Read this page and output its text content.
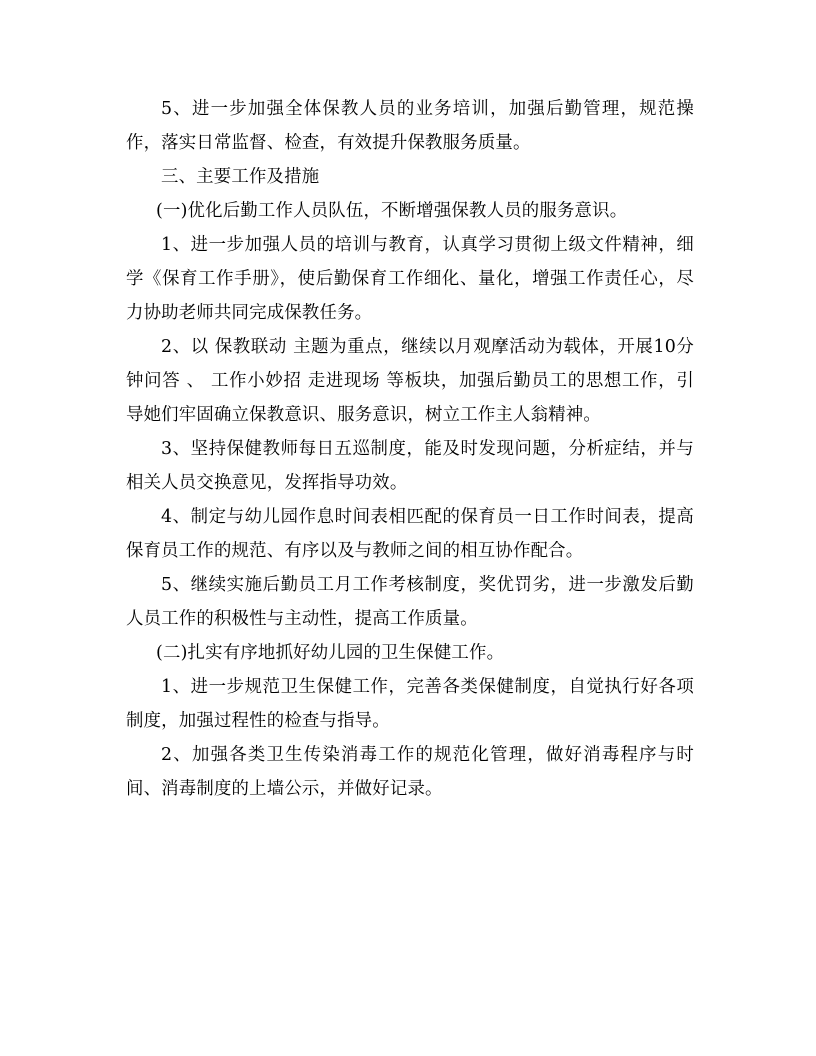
5、进一步加强全体保教人员的业务培训，加强后勤管理，规范操作，落实日常监督、检查，有效提升保教服务质量。

三、主要工作及措施

(一)优化后勤工作人员队伍，不断增强保教人员的服务意识。

1、进一步加强人员的培训与教育，认真学习贯彻上级文件精神，细学《保育工作手册》，使后勤保育工作细化、量化，增强工作责任心，尽力协助老师共同完成保教任务。

2、以 保教联动 主题为重点，继续以月观摩活动为载体，开展10分钟问答 、 工作小妙招 走进现场 等板块，加强后勤员工的思想工作，引导她们牢固确立保教意识、服务意识，树立工作主人翁精神。

3、坚持保健教师每日五巡制度，能及时发现问题，分析症结，并与相关人员交换意见，发挥指导功效。

4、制定与幼儿园作息时间表相匹配的保育员一日工作时间表，提高保育员工作的规范、有序以及与教师之间的相互协作配合。

5、继续实施后勤员工月工作考核制度，奖优罚劣，进一步激发后勤人员工作的积极性与主动性，提高工作质量。

(二)扎实有序地抓好幼儿园的卫生保健工作。

1、进一步规范卫生保健工作，完善各类保健制度，自觉执行好各项制度，加强过程性的检查与指导。

2、加强各类卫生传染消毒工作的规范化管理，做好消毒程序与时间、消毒制度的上墙公示，并做好记录。
